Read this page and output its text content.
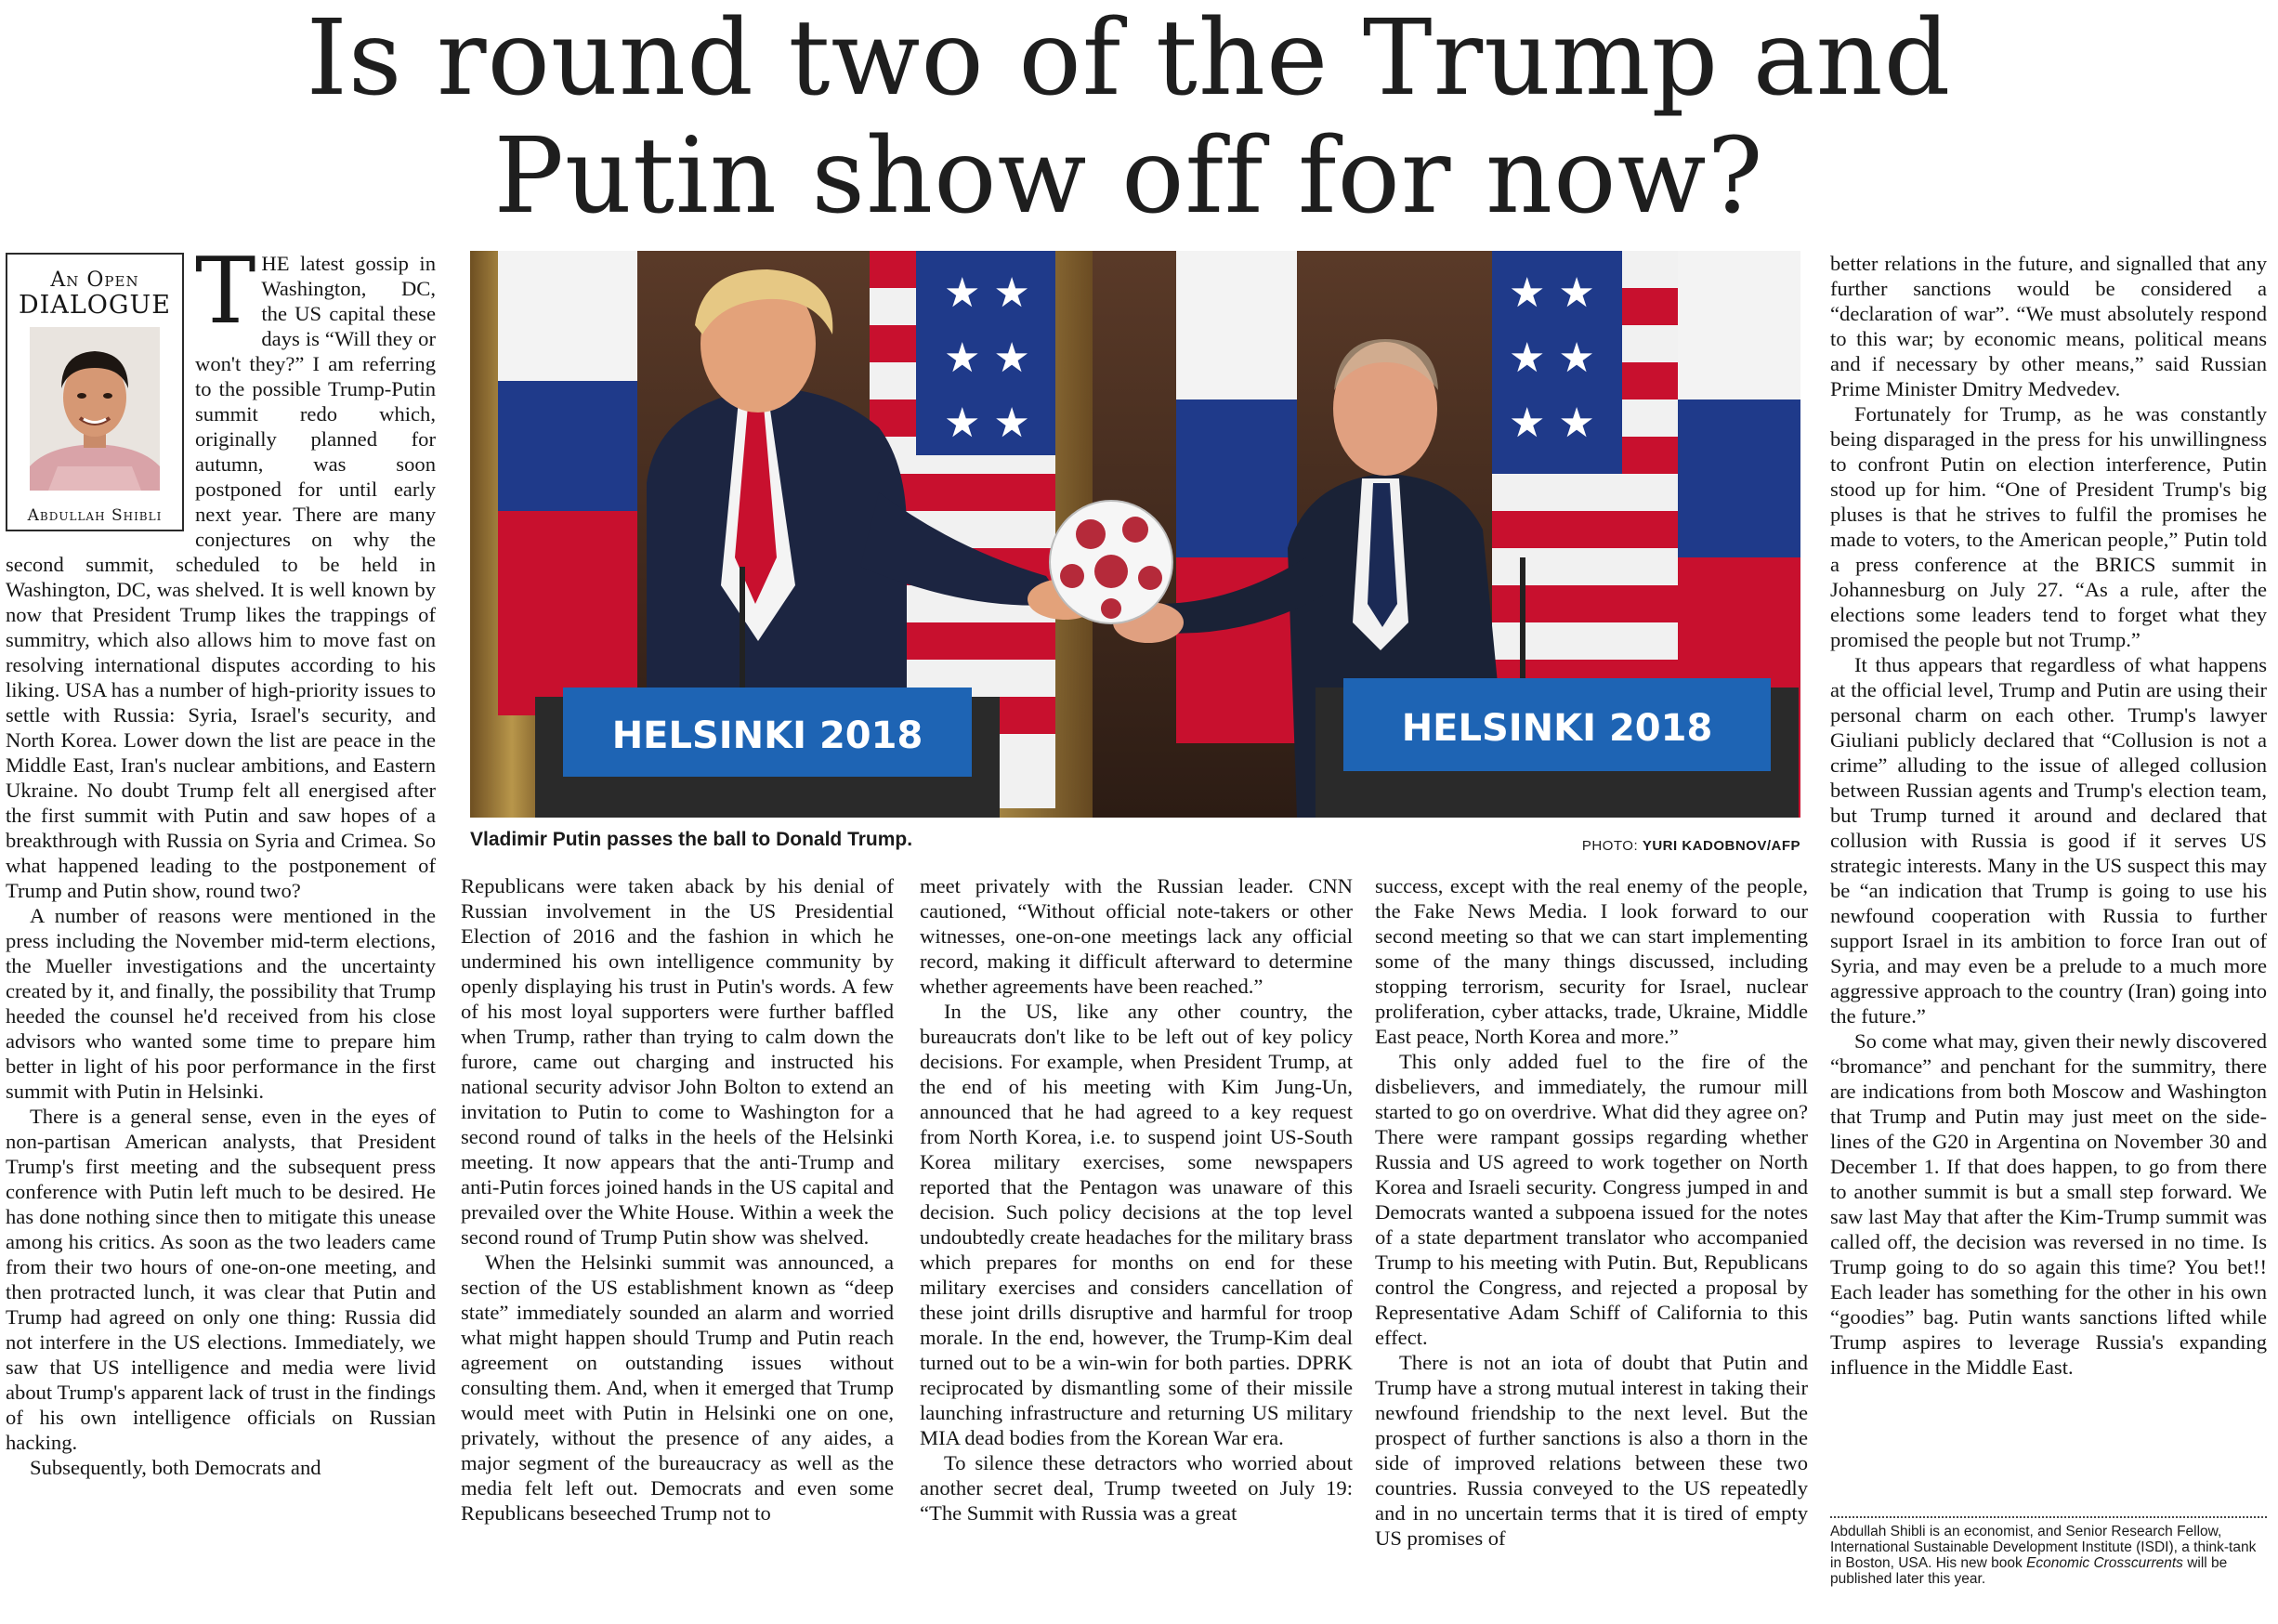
Is round two of the Trump and
Putin show off for now?
An Open
DIALOGUE
Abdullah Shibli

THE latest gossip in Washington, DC, the US capital these days is “Will they or won't they?” I am referring to the possible Trump-Putin summit redo which, originally planned for autumn, was soon postponed for until early next year. There are many conjectures on why the second summit, scheduled to be held in Washington, DC, was shelved. It is well known by now that President Trump likes the trappings of summitry, which also allows him to move fast on resolving international disputes according to his liking. USA has a number of high-priority issues to settle with Russia: Syria, Israel's security, and North Korea. Lower down the list are peace in the Middle East, Iran's nuclear ambitions, and Eastern Ukraine. No doubt Trump felt all energised after the first summit with Putin and saw hopes of a breakthrough with Russia on Syria and Crimea. So what happened leading to the postponement of Trump and Putin show, round two?

A number of reasons were mentioned in the press including the November mid-term elections, the Mueller investigations and the uncertainty created by it, and finally, the possibility that Trump heeded the counsel he'd received from his close advisors who wanted some time to prepare him better in light of his poor performance in the first summit with Putin in Helsinki.

There is a general sense, even in the eyes of non-partisan American analysts, that President Trump's first meeting and the subsequent press conference with Putin left much to be desired. He has done nothing since then to mitigate this unease among his critics. As soon as the two leaders came from their two hours of one-on-one meeting, and then protracted lunch, it was clear that Putin and Trump had agreed on only one thing: Russia did not interfere in the US elections. Immediately, we saw that US intelligence and media were livid about Trump's apparent lack of trust in the findings of his own intelligence officials on Russian hacking.

Subsequently, both Democrats and

★ ★
★ ★
★ ★
★ ★
★ ★
★ ★
HELSINKI 2018	HELSINKI 2018
Vladimir Putin passes the ball to Donald Trump.	PHOTO: YURI KADOBNOV/AFP

Republicans were taken aback by his denial of Russian involvement in the US Presidential Election of 2016 and the fashion in which he undermined his own intelligence community by openly displaying his trust in Putin's words. A few of his most loyal supporters were further baffled when Trump, rather than trying to calm down the furore, came out charging and instructed his national security advisor John Bolton to extend an invitation to Putin to come to Washington for a second round of talks in the heels of the Helsinki meeting. It now appears that the anti-Trump and anti-Putin forces joined hands in the US capital and prevailed over the White House. Within a week the second round of Trump Putin show was shelved.

When the Helsinki summit was announced, a section of the US establishment known as “deep state” immediately sounded an alarm and worried what might happen should Trump and Putin reach agreement on outstanding issues without consulting them. And, when it emerged that Trump would meet with Putin in Helsinki one on one, privately, without the presence of any aides, a major segment of the bureaucracy as well as the media felt left out. Democrats and even some Republicans beseeched Trump not to

meet privately with the Russian leader. CNN cautioned, “Without official note-takers or other witnesses, one-on-one meetings lack any official record, making it difficult afterward to determine whether agreements have been reached.”

In the US, like any other country, the bureaucrats don't like to be left out of key policy decisions. For example, when President Trump, at the end of his meeting with Kim Jung-Un, announced that he had agreed to a key request from North Korea, i.e. to suspend joint US-South Korea military exercises, some newspapers reported that the Pentagon was unaware of this decision. Such policy decisions at the top level undoubtedly create headaches for the military brass which prepares for months on end for these military exercises and considers cancellation of these joint drills disruptive and harmful for troop morale. In the end, however, the Trump-Kim deal turned out to be a win-win for both parties. DPRK reciprocated by dismantling some of their missile launching infrastructure and returning US military MIA dead bodies from the Korean War era.

To silence these detractors who worried about another secret deal, Trump tweeted on July 19: “The Summit with Russia was a great

success, except with the real enemy of the people, the Fake News Media. I look forward to our second meeting so that we can start implementing some of the many things discussed, including stopping terrorism, security for Israel, nuclear proliferation, cyber attacks, trade, Ukraine, Middle East peace, North Korea and more.”

This only added fuel to the fire of the disbelievers, and immediately, the rumour mill started to go on overdrive. What did they agree on? There were rampant gossips regarding whether Russia and US agreed to work together on North Korea and Israeli security. Congress jumped in and Democrats wanted a subpoena issued for the notes of a state department translator who accompanied Trump to his meeting with Putin. But, Republicans control the Congress, and rejected a proposal by Representative Adam Schiff of California to this effect.

There is not an iota of doubt that Putin and Trump have a strong mutual interest in taking their newfound friendship to the next level. But the prospect of further sanctions is also a thorn in the side of improved relations between these two countries. Russia conveyed to the US repeatedly and in no uncertain terms that it is tired of empty US promises of

better relations in the future, and signalled that any further sanctions would be considered a “declaration of war”. “We must absolutely respond to this war; by economic means, political means and if necessary by other means,” said Russian Prime Minister Dmitry Medvedev.

Fortunately for Trump, as he was constantly being disparaged in the press for his unwillingness to confront Putin on election interference, Putin stood up for him. “One of President Trump's big pluses is that he strives to fulfil the promises he made to voters, to the American people,” Putin told a press conference at the BRICS summit in Johannesburg on July 27. “As a rule, after the elections some leaders tend to forget what they promised the people but not Trump.”

It thus appears that regardless of what happens at the official level, Trump and Putin are using their personal charm on each other. Trump's lawyer Giuliani publicly declared that “Collusion is not a crime” alluding to the issue of alleged collusion between Russian agents and Trump's election team, but Trump turned it around and declared that collusion with Russia is good if it serves US strategic interests. Many in the US suspect this may be “an indication that Trump is going to use his newfound cooperation with Russia to further support Israel in its ambition to force Iran out of Syria, and may even be a prelude to a much more aggressive approach to the country (Iran) going into the future.”

So come what may, given their newly discovered “bromance” and penchant for the summitry, there are indications from both Moscow and Washington that Trump and Putin may just meet on the side-lines of the G20 in Argentina on November 30 and December 1. If that does happen, to go from there to another summit is but a small step forward. We saw last May that after the Kim-Trump summit was called off, the decision was reversed in no time. Is Trump going to do so again this time? You bet!! Each leader has something for the other in his own “goodies” bag. Putin wants sanctions lifted while Trump aspires to leverage Russia's expanding influence in the Middle East.

Abdullah Shibli is an economist, and Senior Research Fellow, International Sustainable Development Institute (ISDI), a think-tank in Boston, USA. His new book Economic Crosscurrents will be published later this year.
